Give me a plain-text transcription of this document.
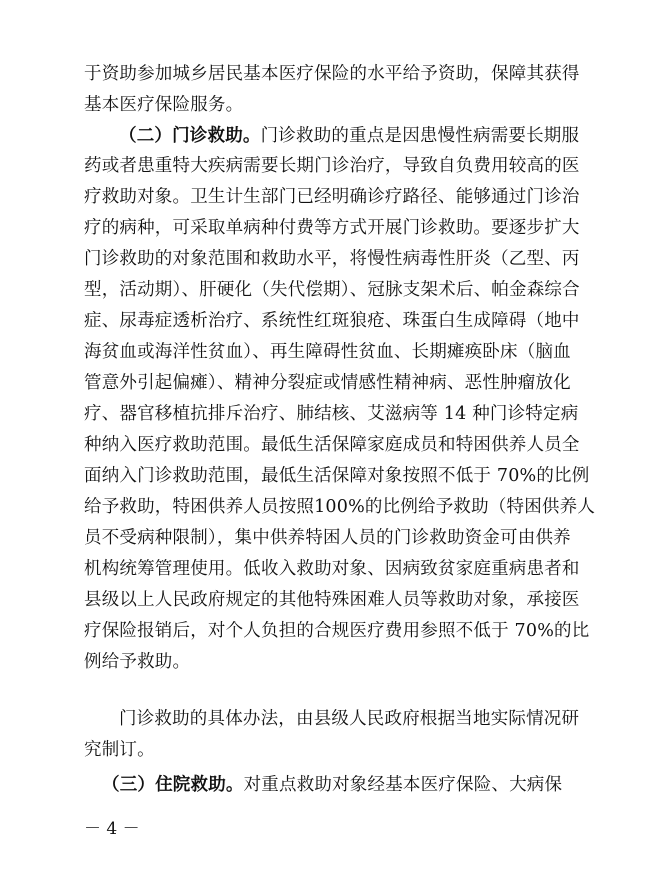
于资助参加城乡居民基本医疗保险的水平给予资助，保障其获得
基本医疗保险服务。
（二）门诊救助。门诊救助的重点是因患慢性病需要长期服
药或者患重特大疾病需要长期门诊治疗，导致自负费用较高的医
疗救助对象。卫生计生部门已经明确诊疗路径、能够通过门诊治
疗的病种，可采取单病种付费等方式开展门诊救助。要逐步扩大
门诊救助的对象范围和救助水平，将慢性病毒性肝炎（乙型、丙
型，活动期）、肝硬化（失代偿期）、冠脉支架术后、帕金森综合
症、尿毒症透析治疗、系统性红斑狼疮、珠蛋白生成障碍（地中
海贫血或海洋性贫血）、再生障碍性贫血、长期瘫痪卧床（脑血
管意外引起偏瘫）、精神分裂症或情感性精神病、恶性肿瘤放化
疗、器官移植抗排斥治疗、肺结核、艾滋病等 14 种门诊特定病
种纳入医疗救助范围。最低生活保障家庭成员和特困供养人员全
面纳入门诊救助范围，最低生活保障对象按照不低于 70%的比例
给予救助，特困供养人员按照100%的比例给予救助（特困供养人
员不受病种限制），集中供养特困人员的门诊救助资金可由供养
机构统筹管理使用。低收入救助对象、因病致贫家庭重病患者和
县级以上人民政府规定的其他特殊困难人员等救助对象，承接医
疗保险报销后，对个人负担的合规医疗费用参照不低于 70%的比
例给予救助。
门诊救助的具体办法，由县级人民政府根据当地实际情况研
究制订。
（三）住院救助。对重点救助对象经基本医疗保险、大病保
－ 4 －
